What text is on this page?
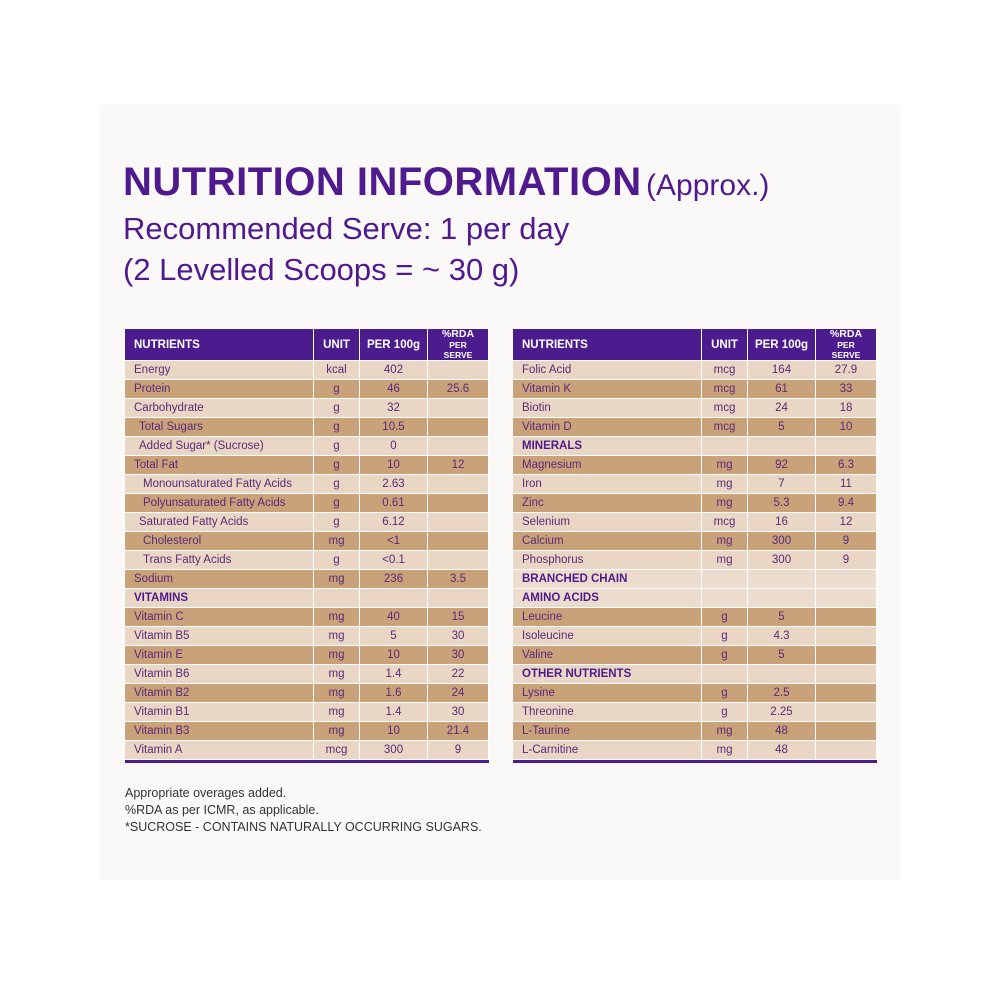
NUTRITION INFORMATION (Approx.)
Recommended Serve: 1 per day
(2 Levelled Scoops = ~ 30 g)
NUTRIENTS	UNIT	PER 100g	%RDA
PER SERVE

Energy	kcal	402	
Protein	g	46	25.6
Carbohydrate	g	32	
Total Sugars	g	10.5	
Added Sugar* (Sucrose)	g	0	
Total Fat	g	10	12
Monounsaturated Fatty Acids	g	2.63	
Polyunsaturated Fatty Acids	g	0.61	
Saturated Fatty Acids	g	6.12	
Cholesterol	mg	<1	
Trans Fatty Acids	g	<0.1	
Sodium	mg	236	3.5
VITAMINS			
Vitamin C	mg	40	15
Vitamin B5	mg	5	30
Vitamin E	mg	10	30
Vitamin B6	mg	1.4	22
Vitamin B2	mg	1.6	24
Vitamin B1	mg	1.4	30
Vitamin B3	mg	10	21.4
Vitamin A	mcg	300	9

NUTRIENTS	UNIT	PER 100g	%RDA
PER SERVE

Folic Acid	mcg	164	27.9
Vitamin K	mcg	61	33
Biotin	mcg	24	18
Vitamin D	mcg	5	10
MINERALS			
Magnesium	mg	92	6.3
Iron	mg	7	11
Zinc	mg	5.3	9.4
Selenium	mcg	16	12
Calcium	mg	300	9
Phosphorus	mg	300	9
BRANCHED CHAIN			
AMINO ACIDS			
Leucine	g	5	
Isoleucine	g	4.3	
Valine	g	5	
OTHER NUTRIENTS			
Lysine	g	2.5	
Threonine	g	2.25	
L-Taurine	mg	48	
L-Carnitine	mg	48	

Appropriate overages added.
%RDA as per ICMR, as applicable.
*SUCROSE - CONTAINS NATURALLY OCCURRING SUGARS.
